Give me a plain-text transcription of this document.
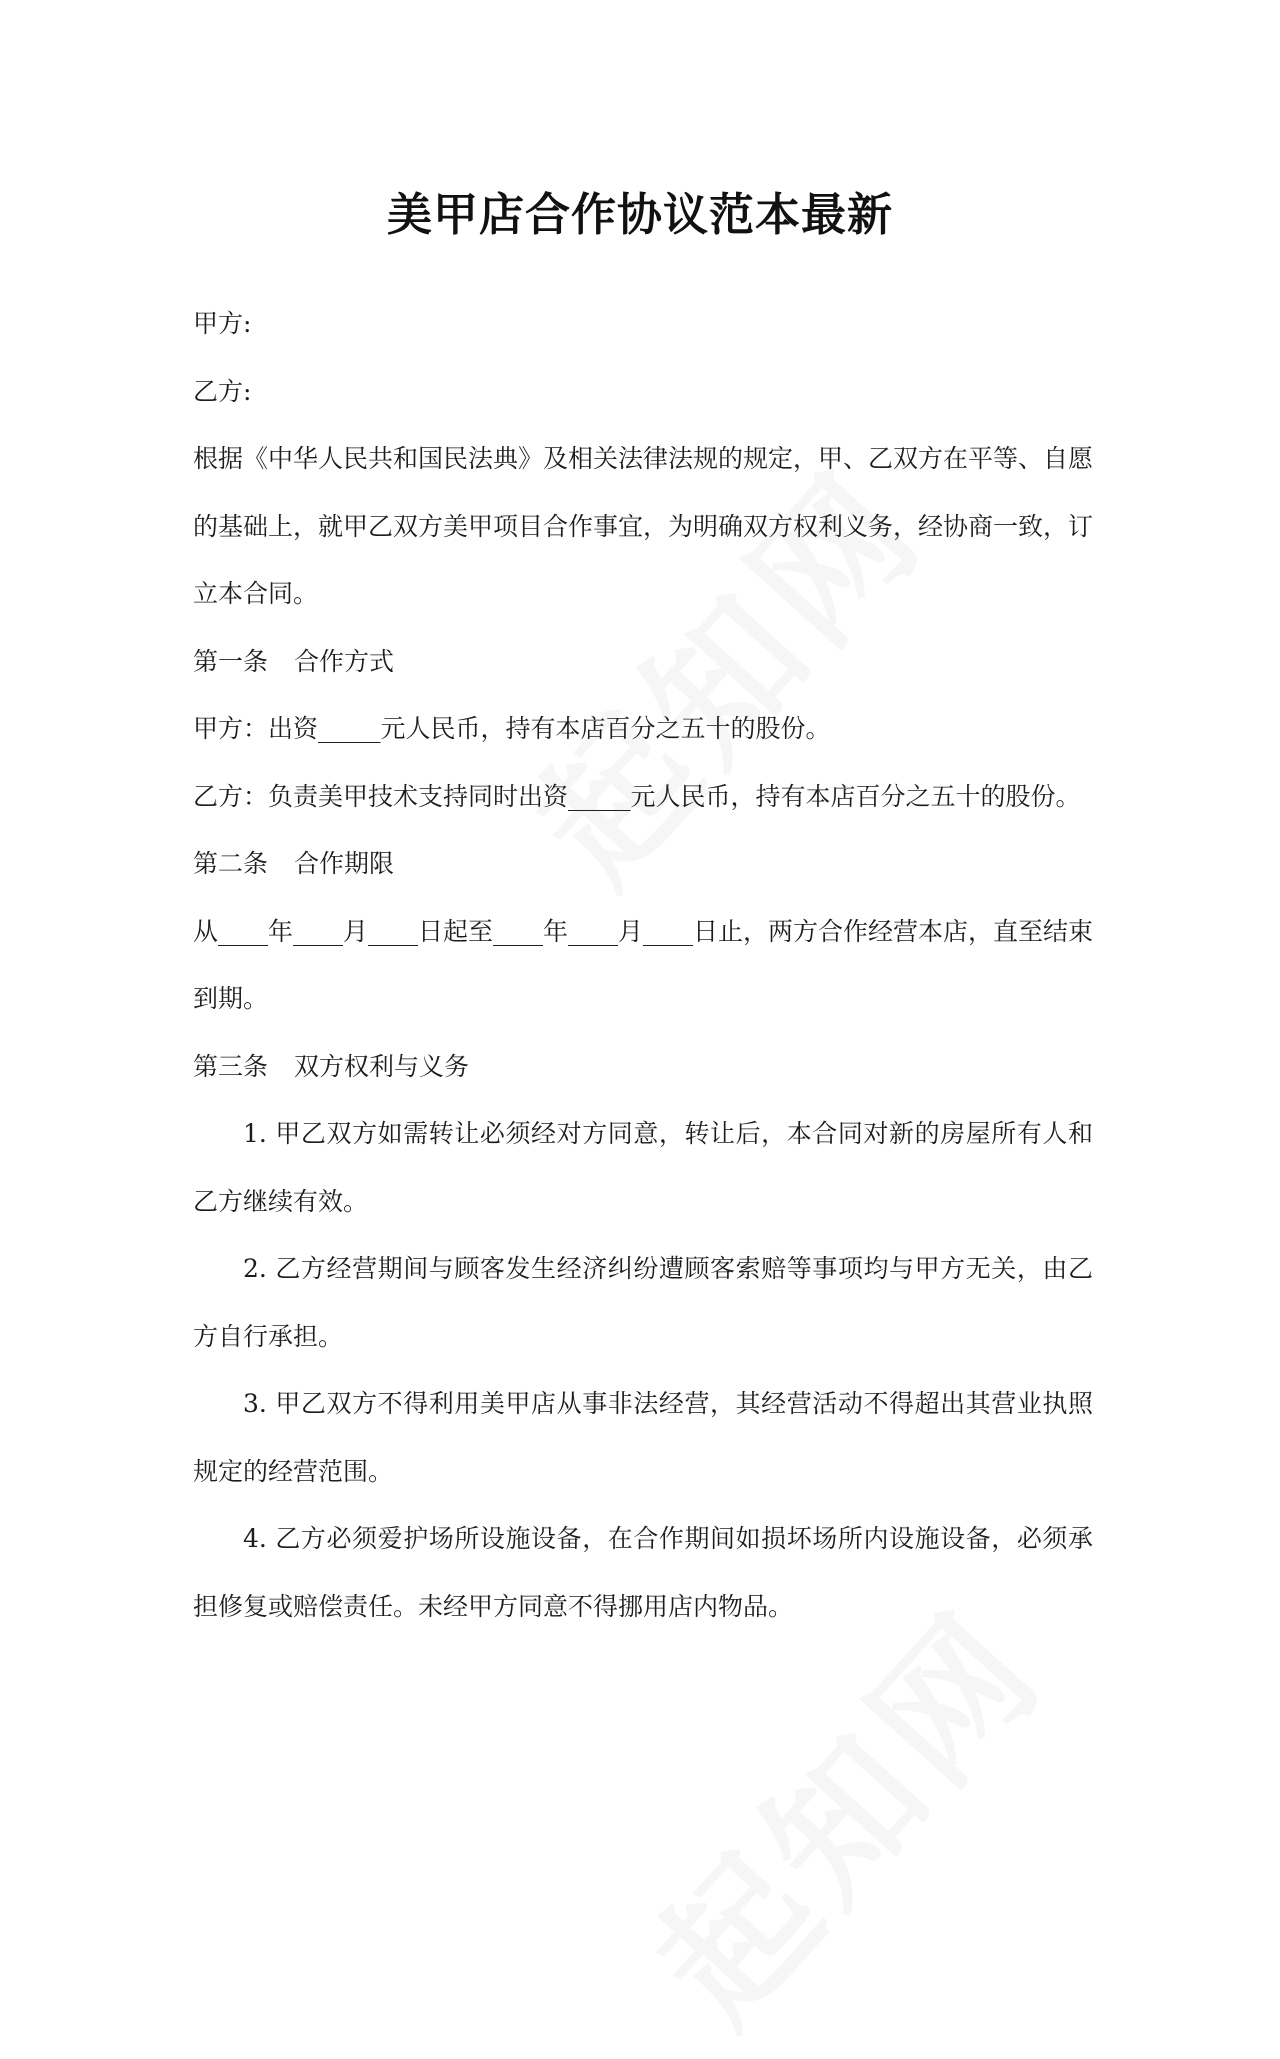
美甲店合作协议范本最新

甲方:

乙方:

根据《中华人民共和国民法典》及相关法律法规的规定，甲、乙双方在平等、自愿的基础上，就甲乙双方美甲项目合作事宜，为明确双方权利义务，经协商一致，订立本合同。

第一条 合作方式

甲方：出资_____元人民币，持有本店百分之五十的股份。

乙方：负责美甲技术支持同时出资_____元人民币，持有本店百分之五十的股份。

第二条 合作期限

从____年____月____日起至____年____月____日止，两方合作经营本店，直至结束到期。

第三条 双方权利与义务

1. 甲乙双方如需转让必须经对方同意，转让后，本合同对新的房屋所有人和乙方继续有效。

2. 乙方经营期间与顾客发生经济纠纷遭顾客索赔等事项均与甲方无关，由乙方自行承担。

3. 甲乙双方不得利用美甲店从事非法经营，其经营活动不得超出其营业执照规定的经营范围。

4. 乙方必须爱护场所设施设备，在合作期间如损坏场所内设施设备，必须承担修复或赔偿责任。未经甲方同意不得挪用店内物品。
